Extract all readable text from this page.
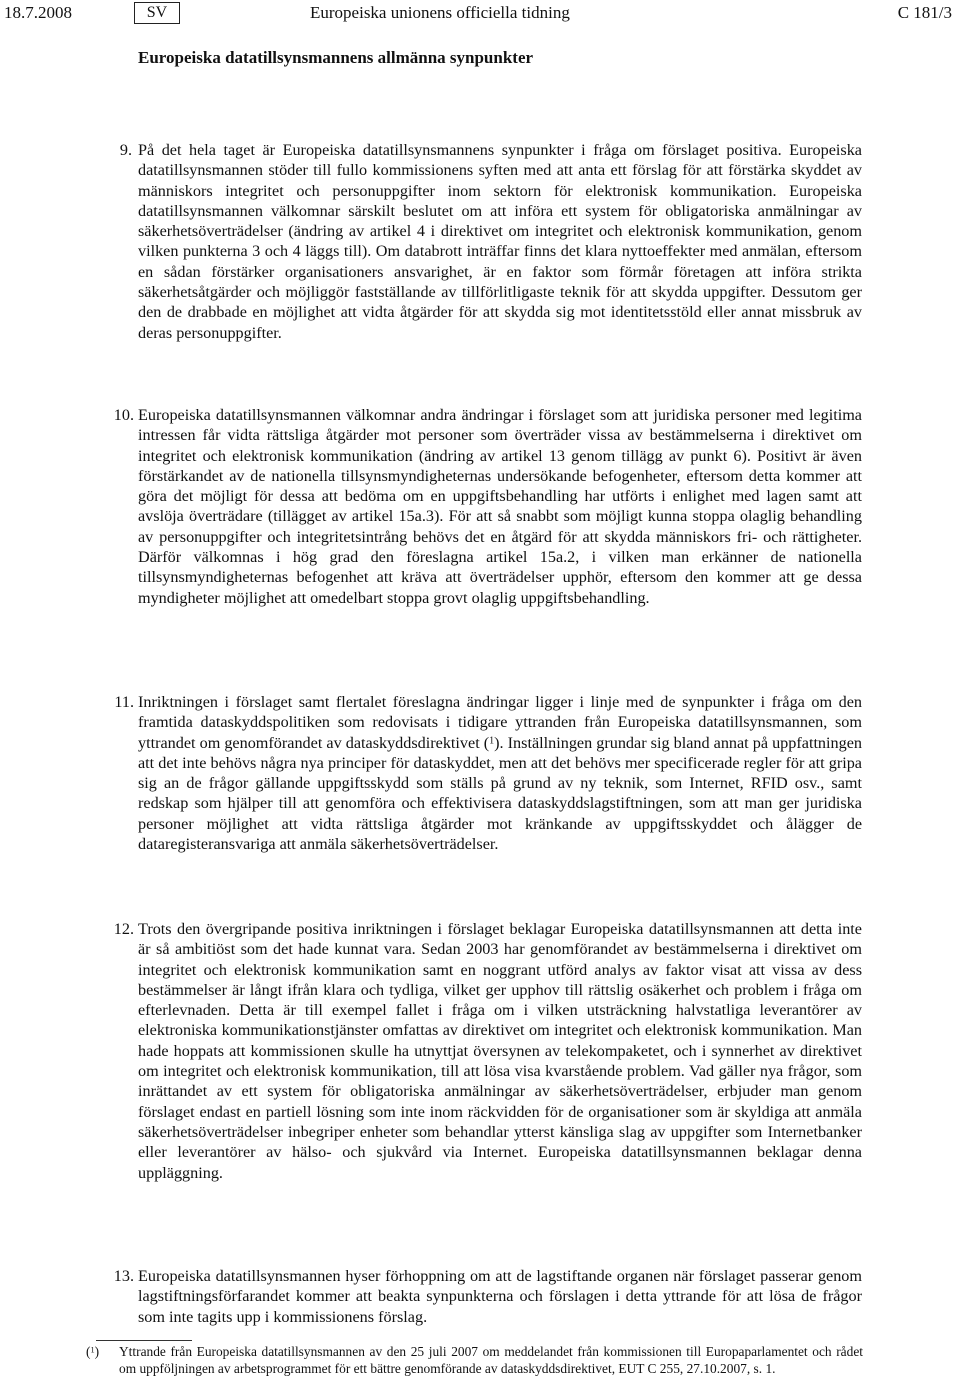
18.7.2008	SV	Europeiska unionens officiella tidning	C 181/3
Europeiska datatillsynsmannens allmänna synpunkter
9. På det hela taget är Europeiska datatillsynsmannens synpunkter i fråga om förslaget positiva. Europeiska datatillsynsmannen stöder till fullo kommissionens syften med att anta ett förslag för att förstärka skyddet av människors integritet och personuppgifter inom sektorn för elektronisk kommunikation. Europeiska datatillsynsmannen välkomnar särskilt beslutet om att införa ett system för obligatoriska anmälningar av säkerhetsöverträdelser (ändring av artikel 4 i direktivet om integritet och elektronisk kommunikation, genom vilken punkterna 3 och 4 läggs till). Om databrott inträffar finns det klara nyttoeffekter med anmälan, eftersom en sådan förstärker organisationers ansvarighet, är en faktor som förmår företagen att införa strikta säkerhetsåtgärder och möjliggör fastställande av tillförlitligaste teknik för att skydda uppgifter. Dessutom ger den de drabbade en möjlighet att vidta åtgärder för att skydda sig mot identitetsstöld eller annat missbruk av deras personuppgifter.
10. Europeiska datatillsynsmannen välkomnar andra ändringar i förslaget som att juridiska personer med legitima intressen får vidta rättsliga åtgärder mot personer som överträder vissa av bestämmelserna i direktivet om integritet och elektronisk kommunikation (ändring av artikel 13 genom tillägg av punkt 6). Positivt är även förstärkandet av de nationella tillsynsmyndigheternas undersökande befogenheter, eftersom detta kommer att göra det möjligt för dessa att bedöma om en uppgiftsbehandling har utförts i enlighet med lagen samt att avslöja överträdare (tillägget av artikel 15a.3). För att så snabbt som möjligt kunna stoppa olaglig behandling av personuppgifter och integritetsintrång behövs det en åtgärd för att skydda människors fri- och rättigheter. Därför välkomnas i hög grad den föreslagna artikel 15a.2, i vilken man erkänner de nationella tillsynsmyndigheternas befogenhet att kräva att överträdelser upphör, eftersom den kommer att ge dessa myndigheter möjlighet att omedelbart stoppa grovt olaglig uppgiftsbehandling.
11. Inriktningen i förslaget samt flertalet föreslagna ändringar ligger i linje med de synpunkter i fråga om den framtida dataskyddspolitiken som redovisats i tidigare yttranden från Europeiska datatillsynsmannen, som yttrandet om genomförandet av dataskyddsdirektivet ($^1$). Inställningen grundar sig bland annat på uppfattningen att det inte behövs några nya principer för dataskyddet, men att det behövs mer specificerade regler för att gripa sig an de frågor gällande uppgiftsskydd som ställs på grund av ny teknik, som Internet, RFID osv., samt redskap som hjälper till att genomföra och effektivisera dataskyddslagstiftningen, som att man ger juridiska personer möjlighet att vidta rättsliga åtgärder mot kränkande av uppgiftsskyddet och ålägger de dataregisteransvariga att anmäla säkerhetsöverträdelser.
12. Trots den övergripande positiva inriktningen i förslaget beklagar Europeiska datatillsynsmannen att detta inte är så ambitiöst som det hade kunnat vara. Sedan 2003 har genomförandet av bestämmelserna i direktivet om integritet och elektronisk kommunikation samt en noggrant utförd analys av faktor visat att vissa av dess bestämmelser är långt ifrån klara och tydliga, vilket ger upphov till rättslig osäkerhet och problem i fråga om efterlevnaden. Detta är till exempel fallet i fråga om i vilken utsträckning halvstatliga leverantörer av elektroniska kommunikationstjänster omfattas av direktivet om integritet och elektronisk kommunikation. Man hade hoppats att kommissionen skulle ha utnyttjat översynen av telekompaketet, och i synnerhet av direktivet om integritet och elektronisk kommunikation, till att lösa visa kvarstående problem. Vad gäller nya frågor, som inrättandet av ett system för obligatoriska anmälningar av säkerhetsöverträdelser, erbjuder man genom förslaget endast en partiell lösning som inte inom räckvidden för de organisationer som är skyldiga att anmäla säkerhetsöverträdelser inbegriper enheter som behandlar ytterst känsliga slag av uppgifter som Internetbanker eller leverantörer av hälso- och sjukvård via Internet. Europeiska datatillsynsmannen beklagar denna uppläggning.
13. Europeiska datatillsynsmannen hyser förhoppning om att de lagstiftande organen när förslaget passerar genom lagstiftningsförfarandet kommer att beakta synpunkterna och förslagen i detta yttrande för att lösa de frågor som inte tagits upp i kommissionens förslag.
($^1$) Yttrande från Europeiska datatillsynsmannen av den 25 juli 2007 om meddelandet från kommissionen till Europaparlamentet och rådet om uppföljningen av arbetsprogrammet för ett bättre genomförande av dataskyddsdirektivet, EUT C 255, 27.10.2007, s. 1.
